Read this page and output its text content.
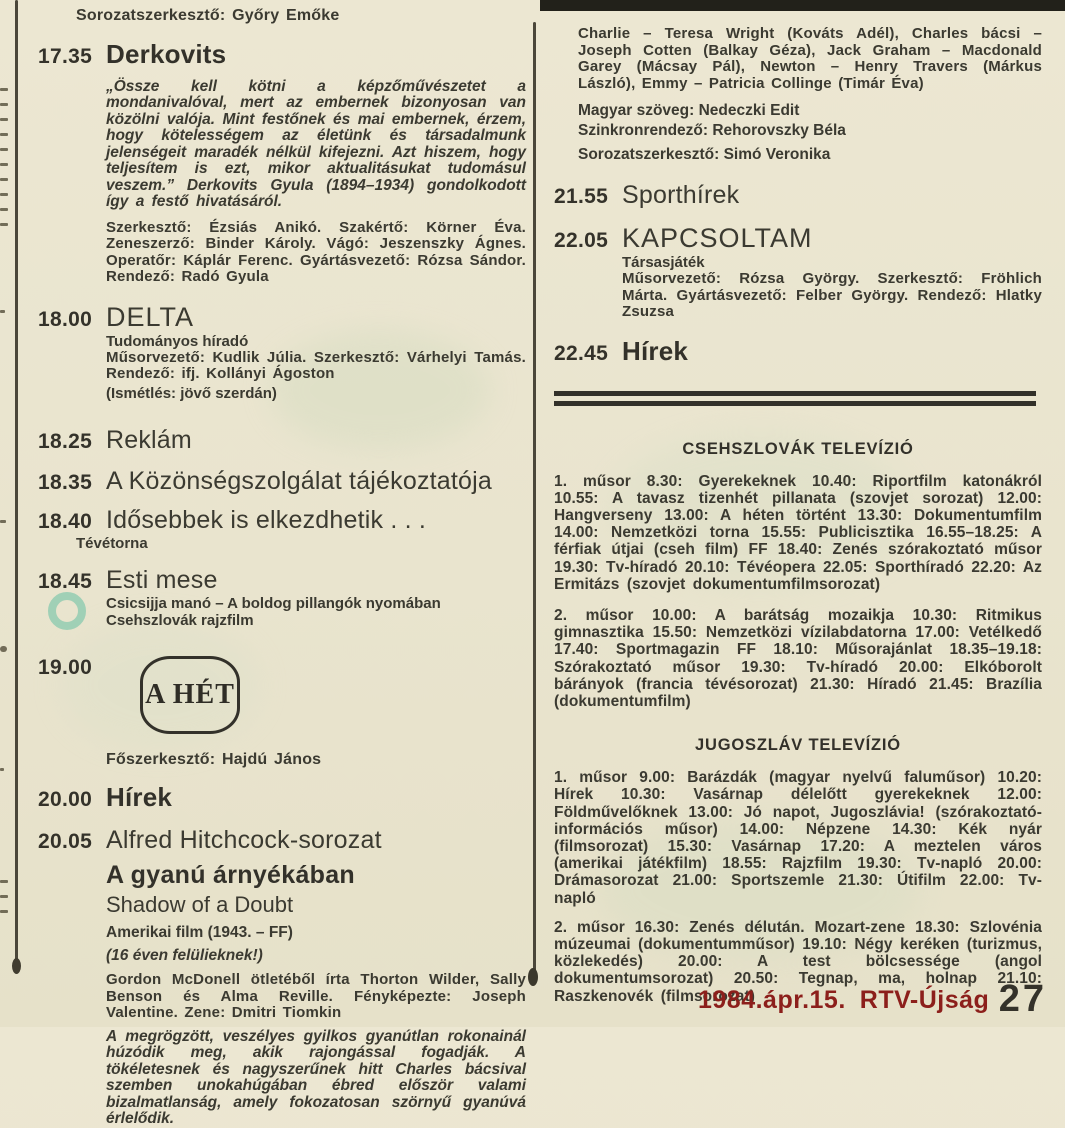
Sorozatszerkesztő: Győry Emőke
17.35 Derkovits
„Össze kell kötni a képzőművészetet a mondanivalóval, mert az embernek bizonyosan van közölni valója. Mint festőnek és mai embernek, érzem, hogy kötelességem az életünk és társadalmunk jelenségeit maradék nélkül kifejezni. Azt hiszem, hogy teljesítem is ezt, mikor aktualitásukat tudomásul veszem.” Derkovits Gyula (1894–1934) gondolkodott így a festő hivatásáról.
Szerkesztő: Ézsiás Anikó. Szakértő: Körner Éva. Zeneszerző: Binder Károly. Vágó: Jeszenszky Ágnes. Operatőr: Káplár Ferenc. Gyártásvezető: Rózsa Sándor. Rendező: Radó Gyula
18.00 DELTA
Tudományos híradó
Műsorvezető: Kudlik Júlia. Szerkesztő: Várhelyi Tamás. Rendező: ifj. Kollányi Ágoston
(Ismétlés: jövő szerdán)
18.25 Reklám
18.35 A Közönségszolgálat tájékoztatója
18.40 Idősebbek is elkezdhetik . . .
Tévétorna
18.45 Esti mese
Csicsijja manó – A boldog pillangók nyomában
Csehszlovák rajzfilm
19.00
A HÉT
Főszerkesztő: Hajdú János
20.00 Hírek
20.05 Alfred Hitchcock-sorozat
A gyanú árnyékában
Shadow of a Doubt
Amerikai film (1943. – FF)
(16 éven felülieknek!)
Gordon McDonell ötletéből írta Thorton Wilder, Sally Benson és Alma Reville. Fényképezte: Joseph Valentine. Zene: Dmitri Tiomkin
A megrögzött, veszélyes gyilkos gyanútlan rokonainál húzódik meg, akik rajongással fogadják. A tökéletesnek és nagyszerűnek hitt Charles bácsival szemben unokahúgában ébred először valami bizalmatlanság, amely fokozatosan szörnyű gyanúvá érlelődik.
Charlie – Teresa Wright (Kováts Adél), Charles bácsi – Joseph Cotten (Balkay Géza), Jack Graham – Macdonald Garey (Mácsay Pál), Newton – Henry Travers (Márkus László), Emmy – Patricia Collinge (Timár Éva)
Magyar szöveg: Nedeczki Edit
Szinkronrendező: Rehorovszky Béla
Sorozatszerkesztő: Simó Veronika
21.55 Sporthírek
22.05 KAPCSOLTAM
Társasjáték
Műsorvezető: Rózsa György. Szerkesztő: Fröhlich Márta. Gyártásvezető: Felber György. Rendező: Hlatky Zsuzsa
22.45 Hírek
CSEHSZLOVÁK TELEVÍZIÓ

1. műsor 8.30: Gyerekeknek 10.40: Riportfilm katonákról 10.55: A tavasz tizenhét pillanata (szovjet sorozat) 12.00: Hangverseny 13.00: A héten történt 13.30: Dokumentumfilm 14.00: Nemzetközi torna 15.55: Publicisztika 16.55–18.25: A férfiak útjai (cseh film) FF 18.40: Zenés szórakoztató műsor 19.30: Tv-híradó 20.10: Tévéopera 22.05: Sporthíradó 22.20: Az Ermitázs (szovjet dokumentumfilmsorozat)

2. műsor 10.00: A barátság mozaikja 10.30: Ritmikus gimnasztika 15.50: Nemzetközi vízilabdatorna 17.00: Vetélkedő 17.40: Sportmagazin FF 18.10: Műsorajánlat 18.35–19.18: Szórakoztató műsor 19.30: Tv-híradó 20.00: Elkóborolt bárányok (francia tévésorozat) 21.30: Híradó 21.45: Brazília (dokumentumfilm)

JUGOSZLÁV TELEVÍZIÓ

1. műsor 9.00: Barázdák (magyar nyelvű faluműsor) 10.20: Hírek 10.30: Vasárnap délelőtt gyerekeknek 12.00: Földművelőknek 13.00: Jó napot, Jugoszlávia! (szórakoztató-információs műsor) 14.00: Népzene 14.30: Kék nyár (filmsorozat) 15.30: Vasárnap 17.20: A meztelen város (amerikai játékfilm) 18.55: Rajzfilm 19.30: Tv-napló 20.00: Drámasorozat 21.00: Sportszemle 21.30: Útifilm 22.00: Tv-napló

2. műsor 16.30: Zenés délután. Mozart-zene 18.30: Szlovénia múzeumai (dokumentumműsor) 19.10: Négy keréken (turizmus, közlekedés) 20.00: A test bölcsessége (angol dokumentumsorozat) 20.50: Tegnap, ma, holnap 21.10: Raszkenovék (filmsorozat)

1984.ápr.15. RTV-Újság 27
